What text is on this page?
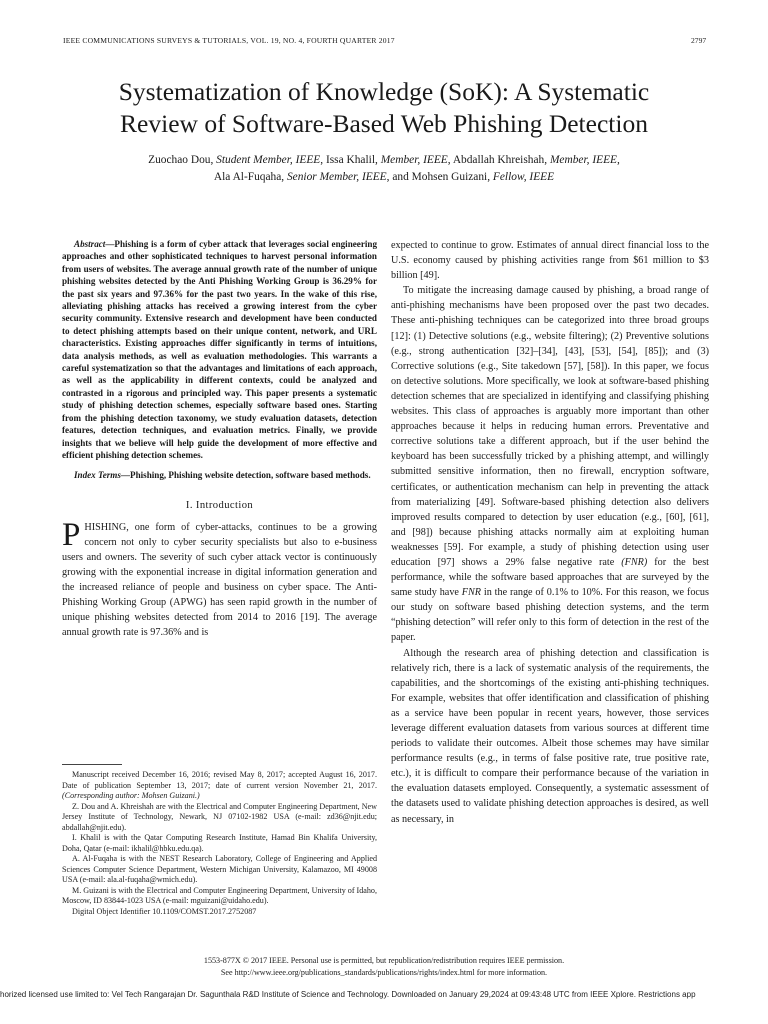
IEEE COMMUNICATIONS SURVEYS & TUTORIALS, VOL. 19, NO. 4, FOURTH QUARTER 2017	2797
Systematization of Knowledge (SoK): A Systematic
Review of Software-Based Web Phishing Detection
Zuochao Dou, Student Member, IEEE, Issa Khalil, Member, IEEE, Abdallah Khreishah, Member, IEEE,
Ala Al-Fuqaha, Senior Member, IEEE, and Mohsen Guizani, Fellow, IEEE

Abstract—Phishing is a form of cyber attack that leverages social engineering approaches and other sophisticated techniques to harvest personal information from users of websites. The average annual growth rate of the number of unique phishing websites detected by the Anti Phishing Working Group is 36.29% for the past six years and 97.36% for the past two years. In the wake of this rise, alleviating phishing attacks has received a growing interest from the cyber security community. Extensive research and development have been conducted to detect phishing attempts based on their unique content, network, and URL characteristics. Existing approaches differ significantly in terms of intuitions, data analysis methods, as well as evaluation methodologies. This warrants a careful systematization so that the advantages and limitations of each approach, as well as the applicability in different contexts, could be analyzed and contrasted in a rigorous and principled way. This paper presents a systematic study of phishing detection schemes, especially software based ones. Starting from the phishing detection taxonomy, we study evaluation datasets, detection features, detection techniques, and evaluation metrics. Finally, we provide insights that we believe will help guide the development of more effective and efficient phishing detection schemes.

Index Terms—Phishing, Phishing website detection, software based methods.

I. Introduction

PHISHING, one form of cyber-attacks, continues to be a growing concern not only to cyber security specialists but also to e-business users and owners. The severity of such cyber attack vector is continuously growing with the exponential increase in digital information generation and the increased reliance of people and business on cyber space. The Anti-Phishing Working Group (APWG) has seen rapid growth in the number of unique phishing websites detected from 2014 to 2016 [19]. The average annual growth rate is 97.36% and is

Manuscript received December 16, 2016; revised May 8, 2017; accepted August 16, 2017. Date of publication September 13, 2017; date of current version November 21, 2017. (Corresponding author: Mohsen Guizani.)

Z. Dou and A. Khreishah are with the Electrical and Computer Engineering Department, New Jersey Institute of Technology, Newark, NJ 07102-1982 USA (e-mail: zd36@njit.edu; abdallah@njit.edu).

I. Khalil is with the Qatar Computing Research Institute, Hamad Bin Khalifa University, Doha, Qatar (e-mail: ikhalil@hbku.edu.qa).

A. Al-Fuqaha is with the NEST Research Laboratory, College of Engineering and Applied Sciences Computer Science Department, Western Michigan University, Kalamazoo, MI 49008 USA (e-mail: ala.al-fuqaha@wmich.edu).

M. Guizani is with the Electrical and Computer Engineering Department, University of Idaho, Moscow, ID 83844-1023 USA (e-mail: mguizani@uidaho.edu).

Digital Object Identifier 10.1109/COMST.2017.2752087

expected to continue to grow. Estimates of annual direct financial loss to the U.S. economy caused by phishing activities range from $61 million to $3 billion [49].

To mitigate the increasing damage caused by phishing, a broad range of anti-phishing mechanisms have been proposed over the past two decades. These anti-phishing techniques can be categorized into three broad groups [12]: (1) Detective solutions (e.g., website filtering); (2) Preventive solutions (e.g., strong authentication [32]–[34], [43], [53], [54], [85]); and (3) Corrective solutions (e.g., Site takedown [57], [58]). In this paper, we focus on detective solutions. More specifically, we look at software-based phishing detection schemes that are specialized in identifying and classifying phishing websites. This class of approaches is arguably more important than other approaches because it helps in reducing human errors. Preventative and corrective solutions take a different approach, but if the user behind the keyboard has been successfully tricked by a phishing attempt, and willingly submitted sensitive information, then no firewall, encryption software, certificates, or authentication mechanism can help in preventing the attack from materializing [49]. Software-based phishing detection also delivers improved results compared to detection by user education (e.g., [60], [61], and [98]) because phishing attacks normally aim at exploiting human weaknesses [59]. For example, a study of phishing detection using user education [97] shows a 29% false negative rate (FNR) for the best performance, while the software based approaches that are surveyed by the same study have FNR in the range of 0.1% to 10%. For this reason, we focus our study on software based phishing detection systems, and the term “phishing detection” will refer only to this form of detection in the rest of the paper.

Although the research area of phishing detection and classification is relatively rich, there is a lack of systematic analysis of the requirements, the capabilities, and the shortcomings of the existing anti-phishing techniques. For example, websites that offer identification and classification of phishing as a service have been popular in recent years, however, those services leverage different evaluation datasets from various sources at different time periods to validate their outcomes. Albeit those schemes may have similar performance results (e.g., in terms of false positive rate, true positive rate, etc.), it is difficult to compare their performance because of the variation in the evaluation datasets employed. Consequently, a systematic assessment of the datasets used to validate phishing detection approaches is desired, as well as necessary, in

1553-877X © 2017 IEEE. Personal use is permitted, but republication/redistribution requires IEEE permission.
See http://www.ieee.org/publications_standards/publications/rights/index.html for more information.
horized licensed use limited to: Vel Tech Rangarajan Dr. Sagunthala R&D Institute of Science and Technology. Downloaded on January 29,2024 at 09:43:48 UTC from IEEE Xplore. Restrictions app
